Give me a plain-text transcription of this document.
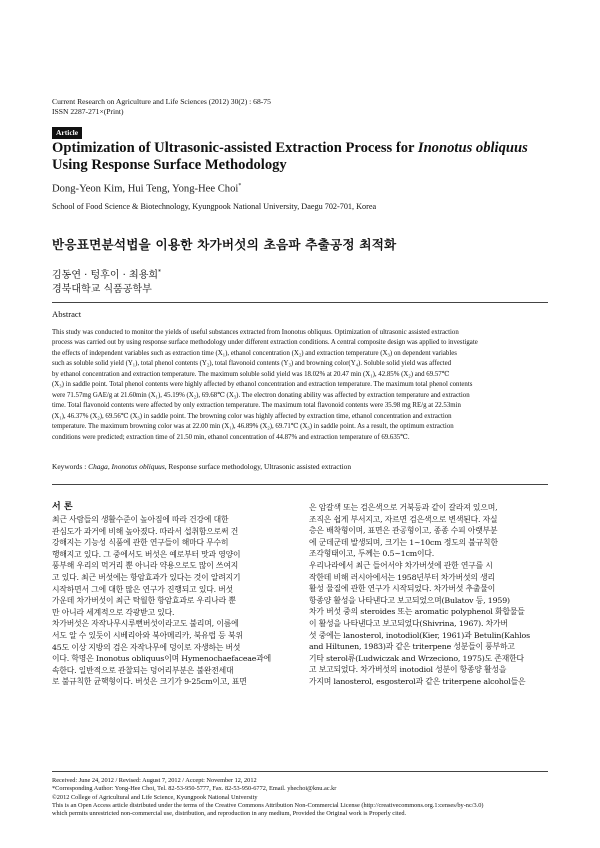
Current Research on Agriculture and Life Sciences (2012) 30(2) : 68-75
ISSN 2287-271×(Print)
Article
Optimization of Ultrasonic-assisted Extraction Process for Inonotus obliquus
Using Response Surface Methodology
Dong-Yeon Kim, Hui Teng, Yong-Hee Choi*
School of Food Science & Biotechnology, Kyungpook National University, Daegu 702-701, Korea
반응표면분석법을 이용한 차가버섯의 초음파 추출공정 최적화
김동연 · 텅후이 · 최용희*
경북대학교 식품공학부
Abstract
This study was conducted to monitor the yields of useful substances extracted from Inonotus obliquus. Optimization of ultrasonic assisted extraction
process was carried out by using response surface methodology under different extraction conditions. A central composite design was applied to investigate
the effects of independent variables such as extraction time (X₁), ethanol concentration (X₂) and extraction temperature (X₃) on dependent variables
such as soluble solid yield (Y₁), total phenol contents (Y₂), total flavonoid contents (Y₃) and browning color(Y₄). Soluble solid yield was affected
by ethanol concentration and extraction temperature. The maximum soluble solid yield was 18.02% at 20.47 min (X₁), 42.85% (X₂) and 69.57℃
(X₃) in saddle point. Total phenol contents were highly affected by ethanol concentration and extraction temperature. The maximum total phenol contents
were 71.57mg GAE/g at 21.60min (X₁), 45.19% (X₂), 69.68℃ (X₃). The electron donating ability was affected by extraction temperature and extraction
time. Total flavonoid contents were affected by only extraction temperature. The maximum total flavonoid contents were 35.98 mg RE/g at 22.53min
(X₁), 46.37% (X₂), 69.56℃ (X₃) in saddle point. The browning color was highly affected by extraction time, ethanol concentration and extraction
temperature. The maximum browning color was at 22.00 min (X₁), 46.89% (X₂), 69.71℃ (X₃) in saddle point. As a result, the optimum extraction
conditions were predicted; extraction time of 21.50 min, ethanol concentration of 44.87% and extraction temperature of 69.635℃.
Keywords : Chaga, Inonotus obliquus, Response surface methodology, Ultrasonic assisted extraction
서 론
최근 사람들의 생활수준이 높아짐에 따라 건강에 대한
관심도가 과거에 비해 높아졌다. 따라서 섭취함으로써 건
강해지는 기능성 식품에 관한 연구들이 해마다 무수히
행해지고 있다. 그 중에서도 버섯은 예로부터 맛과 영양이
풍부해 우리의 먹거리 뿐 아니라 약용으로도 많이 쓰여지
고 있다. 최근 버섯에는 항암효과가 있다는 것이 알려지기
시작하면서 그에 대한 많은 연구가 진행되고 있다. 버섯
가운데 차가버섯이 최근 탁월한 항암효과로 우리나라 뿐
만 아니라 세계적으로 각광받고 있다.
차가버섯은 자작나무시루뻔버섯이라고도 불리며, 이름에
서도 알 수 있듯이 시베리아와 북아메리카, 북유럽 등 북위
45도 이상 지방의 검은 자작나무에 덩이로 자생하는 버섯
이다. 학명은 Inonotus obliquus이며 Hymenochaefaceae과에
속한다. 일반적으로 관찰되는 덩어리부분은 불완전세대
로 불규칙한 균핵형이다. 버섯은 크기가 9-25cm이고, 표면
은 암갈색 또는 검은색으로 거북등과 같이 갈라져 있으며,
조직은 쉽게 부서지고, 자르면 검은색으로 변색된다. 자실
층은 배착형이며, 표면은 관공형이고, 종종 수피 아랫부분
에 군데군데 발생되며, 크기는 1~10cm 정도의 불규칙한
조각형태이고, 두께는 0.5~1cm이다.
우리나라에서 최근 들어서야 차가버섯에 관한 연구를 시
작한데 비해 러시아에서는 1958년부터 차가버섯의 생리
활성 물질에 관한 연구가 시작되었다. 차가버섯 추출물이
항종양 활성을 나타낸다고 보고되었으며(Bulatov 등, 1959)
차가 버섯 중의 steroides 또는 aromatic polyphenol 화합물들
이 활성을 나타낸다고 보고되었다(Shivrina, 1967). 차가버
섯 중에는 lanosterol, inotodiol(Kier, 1961)과 Betulin(Kahlos
and Hiltunen, 1983)과 같은 triterpene 성분들이 풍부하고
기타 sterol류(Ludwiczak and Wrzeciono, 1975)도 존재한다
고 보고되었다. 차가버섯의 inotodiol 성분이 항종양 활성을
가지며 lanosterol, esgosterol과 같은 triterpene alcohol들은
Received: June 24, 2012 / Revised: August 7, 2012 / Accept: November 12, 2012
*Corresponding Author: Yong-Hee Choi, Tel. 82-53-950-5777, Fax. 82-53-950-6772, Email. yhechoi@knu.ac.kr
©2012 College of Agricultural and Life Science, Kyungpook National University
This is an Open Access article distributed under the terms of the Creative Commons Attribution Non-Commercial License (http://creativecommons.org.1:censes/by-nc/3.0)
which permits unrestricted non-commercial use, distribution, and reproduction in any medium, Provided the Original work is Properly cited.
